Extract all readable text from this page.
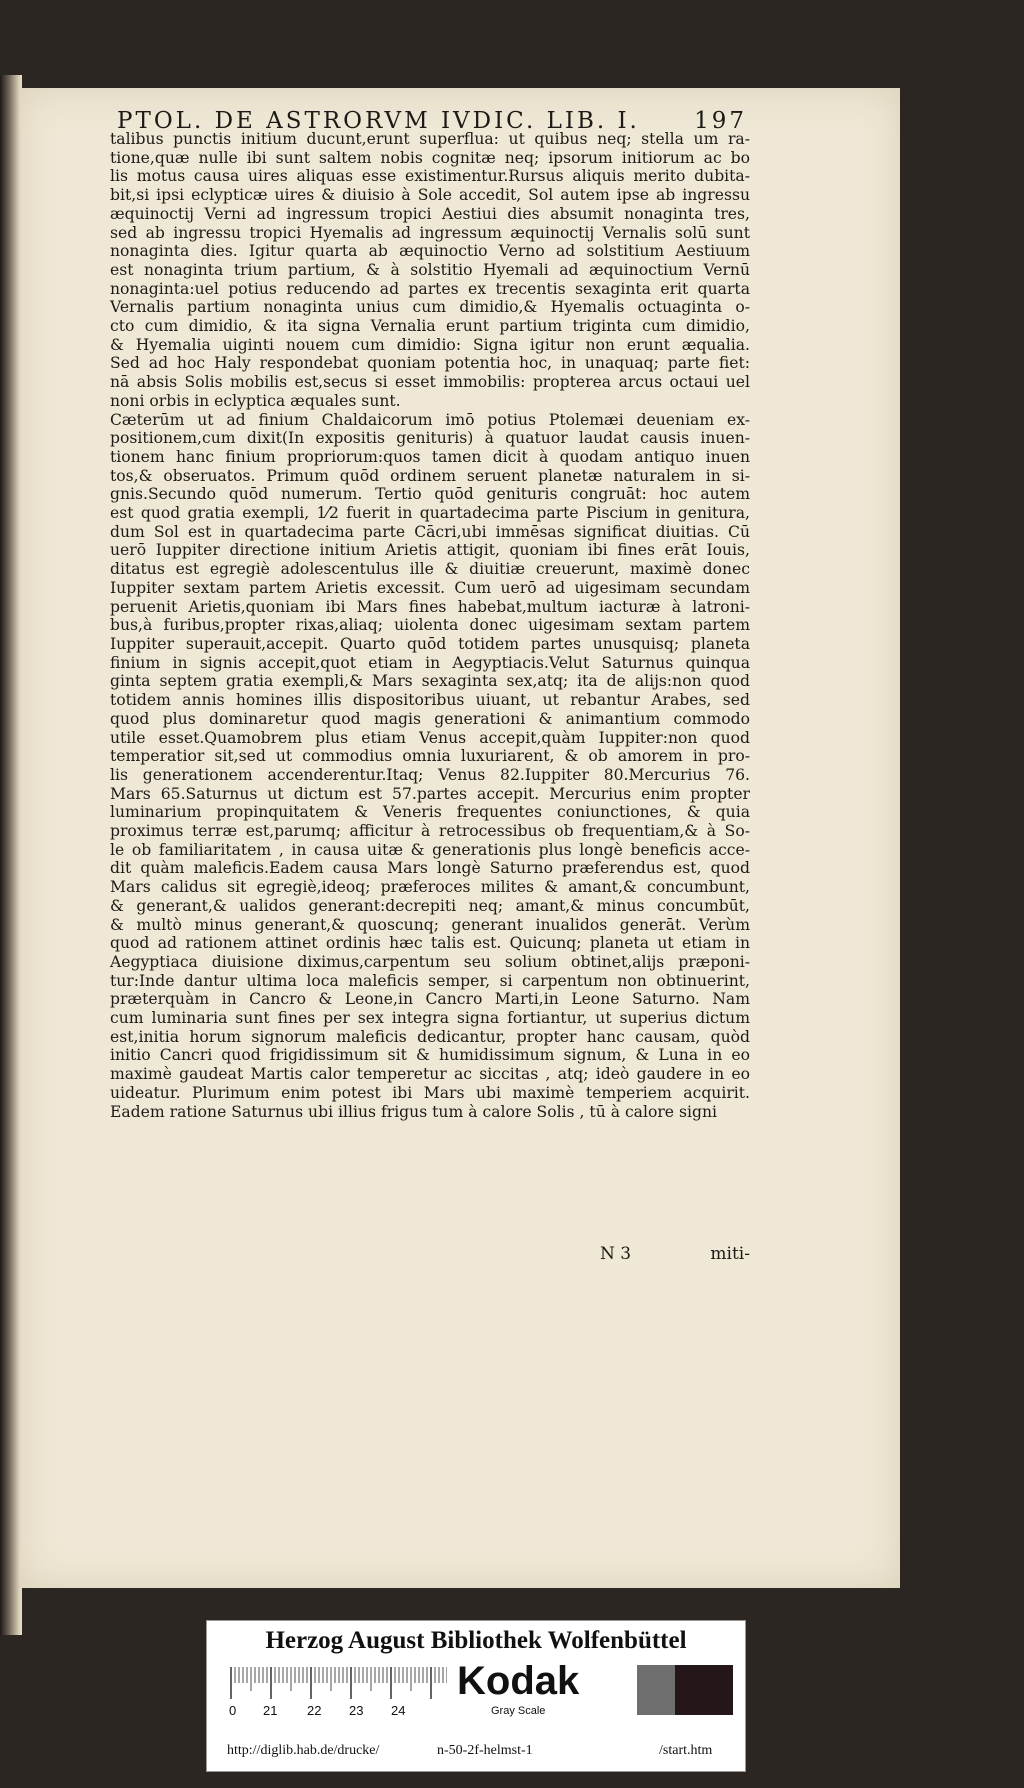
PTOL. DE ASTRORVM IVDIC. LIB. I. 197

talibus punctis initium ducunt,erunt superflua: ut quibus neq; stella um ra-

tione,quæ nulle ibi sunt saltem nobis cognitæ neq; ipsorum initiorum ac bo

lis motus causa uires aliquas esse existimentur.Rursus aliquis merito dubita-

bit,si ipsi eclypticæ uires & diuisio à Sole accedit, Sol autem ipse ab ingressu

æquinoctij Verni ad ingressum tropici Aestiui dies absumit nonaginta tres,

sed ab ingressu tropici Hyemalis ad ingressum æquinoctij Vernalis solū sunt

nonaginta dies. Igitur quarta ab æquinoctio Verno ad solstitium Aestiuum

est nonaginta trium partium, & à solstitio Hyemali ad æquinoctium Vernū

nonaginta:uel potius reducendo ad partes ex trecentis sexaginta erit quarta

Vernalis partium nonaginta unius cum dimidio,& Hyemalis octuaginta o-

cto cum dimidio, & ita signa Vernalia erunt partium triginta cum dimidio,

& Hyemalia uiginti nouem cum dimidio: Signa igitur non erunt æqualia.

Sed ad hoc Haly respondebat quoniam potentia hoc, in unaquaq; parte fiet:

nā absis Solis mobilis est,secus si esset immobilis: propterea arcus octaui uel

noni orbis in eclyptica æquales sunt.

Cæterūm ut ad finium Chaldaicorum imō potius Ptolemæi deueniam ex-

positionem,cum dixit(In expositis genituris) à quatuor laudat causis inuen-

tionem hanc finium propriorum:quos tamen dicit à quodam antiquo inuen

tos,& obseruatos. Primum quōd ordinem seruent planetæ naturalem in si-

gnis.Secundo quōd numerum. Tertio quōd genituris congruāt: hoc autem

est quod gratia exempli, 1⁄2 fuerit in quartadecima parte Piscium in genitura,

dum Sol est in quartadecima parte Cācri,ubi immēsas significat diuitias. Cū

uerō Iuppiter directione initium Arietis attigit, quoniam ibi fines erāt Iouis,

ditatus est egregiè adolescentulus ille & diuitiæ creuerunt, maximè donec

Iuppiter sextam partem Arietis excessit. Cum uerō ad uigesimam secundam

peruenit Arietis,quoniam ibi Mars fines habebat,multum iacturæ à latroni-

bus,à furibus,propter rixas,aliaq; uiolenta donec uigesimam sextam partem

Iuppiter superauit,accepit. Quarto quōd totidem partes unusquisq; planeta

finium in signis accepit,quot etiam in Aegyptiacis.Velut Saturnus quinqua

ginta septem gratia exempli,& Mars sexaginta sex,atq; ita de alijs:non quod

totidem annis homines illis dispositoribus uiuant, ut rebantur Arabes, sed

quod plus dominaretur quod magis generationi & animantium commodo

utile esset.Quamobrem plus etiam Venus accepit,quàm Iuppiter:non quod

temperatior sit,sed ut commodius omnia luxuriarent, & ob amorem in pro-

lis generationem accenderentur.Itaq; Venus 82.Iuppiter 80.Mercurius 76.

Mars 65.Saturnus ut dictum est 57.partes accepit. Mercurius enim propter

luminarium propinquitatem & Veneris frequentes coniunctiones, & quia

proximus terræ est,parumq; afficitur à retrocessibus ob frequentiam,& à So-

le ob familiaritatem , in causa uitæ & generationis plus longè beneficis acce-

dit quàm maleficis.Eadem causa Mars longè Saturno præferendus est, quod

Mars calidus sit egregiè,ideoq; præferoces milites & amant,& concumbunt,

& generant,& ualidos generant:decrepiti neq; amant,& minus concumbūt,

& multò minus generant,& quoscunq; generant inualidos generāt. Verùm

quod ad rationem attinet ordinis hæc talis est. Quicunq; planeta ut etiam in

Aegyptiaca diuisione diximus,carpentum seu solium obtinet,alijs præponi-

tur:Inde dantur ultima loca maleficis semper, si carpentum non obtinuerint,

præterquàm in Cancro & Leone,in Cancro Marti,in Leone Saturno. Nam

cum luminaria sunt fines per sex integra signa fortiantur, ut superius dictum

est,initia horum signorum maleficis dedicantur, propter hanc causam, quòd

initio Cancri quod frigidissimum sit & humidissimum signum, & Luna in eo

maximè gaudeat Martis calor temperetur ac siccitas , atq; ideò gaudere in eo

uideatur. Plurimum enim potest ibi Mars ubi maximè temperiem acquirit.

Eadem ratione Saturnus ubi illius frigus tum à calore Solis , tū à calore signi

N 3	miti-
Herzog August Bibliothek Wolfenbüttel
0 21 22 23 24
Kodak
Gray Scale
http://diglib.hab.de/drucke/	n-50-2f-helmst-1	/start.htm
